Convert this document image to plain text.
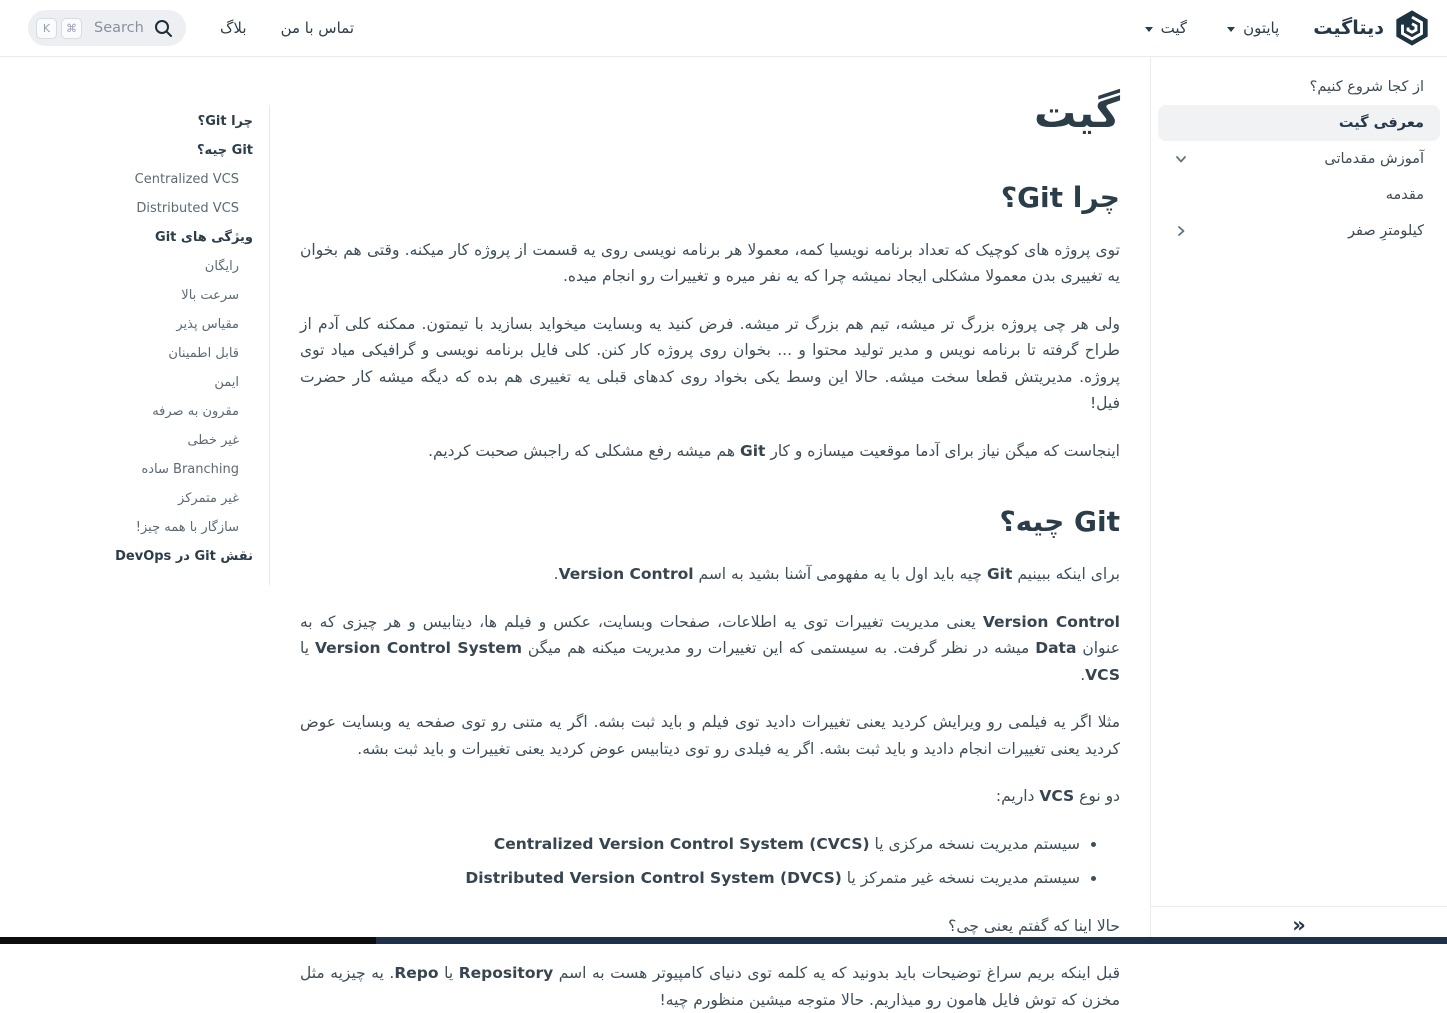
دیتاگیت
پایتون
گیت
تماس با من
بلاگ
K	⌘	Search
از کجا شروع کنیم؟
معرفی گیت
آموزش مقدماتی
مقدمه
کیلومترِ صفر
»
گیت
چرا Git؟

توی پروژه های کوچیک که تعداد برنامه نویسیا کمه، معمولا هر برنامه نویسی روی یه قسمت از پروژه کار میکنه. وقتی هم بخوان یه تغییری بدن معمولا مشکلی ایجاد نمیشه چرا که یه نفر میره و تغییرات رو انجام میده.

ولی هر چی پروژه بزرگ تر میشه، تیم هم بزرگ تر میشه. فرض کنید یه وبسایت میخواید بسازید با تیمتون. ممکنه کلی آدم از طراح گرفته تا برنامه نویس و مدیر تولید محتوا و ... بخوان روی پروژه کار کنن. کلی فایل برنامه نویسی و گرافیکی میاد توی پروژه. مدیریتش قطعا سخت میشه. حالا این وسط یکی بخواد روی کدهای قبلی یه تغییری هم بده که دیگه میشه کار حضرت فیل!

اینجاست که میگن نیاز برای آدما موقعیت میسازه و کار Git هم میشه رفع مشکلی که راجبش صحبت کردیم.

Git چیه؟

برای اینکه ببینیم Git چیه باید اول با یه مفهومی آشنا بشید به اسم Version Control.

Version Control یعنی مدیریت تغییرات توی یه اطلاعات، صفحات وبسایت، عکس و فیلم ها، دیتابیس و هر چیزی که به عنوان Data میشه در نظر گرفت. به سیستمی که این تغییرات رو مدیریت میکنه هم میگن Version Control System یا VCS.

مثلا اگر یه فیلمی رو ویرایش کردید یعنی تغییرات دادید توی فیلم و باید ثبت بشه. اگر یه متنی رو توی صفحه یه وبسایت عوض کردید یعنی تغییرات انجام دادید و باید ثبت بشه. اگر یه فیلدی رو توی دیتابیس عوض کردید یعنی تغییرات و باید ثبت بشه.

دو نوع VCS داریم:

• سیستم مدیریت نسخه مرکزی یا Centralized Version Control System (CVCS)
• سیستم مدیریت نسخه غیر متمرکز یا Distributed Version Control System (DVCS)

حالا اینا که گفتم یعنی چی؟

قبل اینکه بریم سراغ توضیحات باید بدونید که یه کلمه توی دنیای کامپیوتر هست به اسم Repository یا Repo. یه چیزیه مثل مخزن که توش فایل هامون رو میذاریم. حالا متوجه میشین منظورم چیه!

چرا Git؟
Git چیه؟
Centralized VCS
Distributed VCS
ویژگی های Git
رایگان
سرعت بالا
مقیاس پذیر
قابل اطمینان
ایمن
مقرون به صرفه
غیر خطی
Branching ساده
غیر متمرکز
سازگار با همه چیز!
نقش Git در DevOps
